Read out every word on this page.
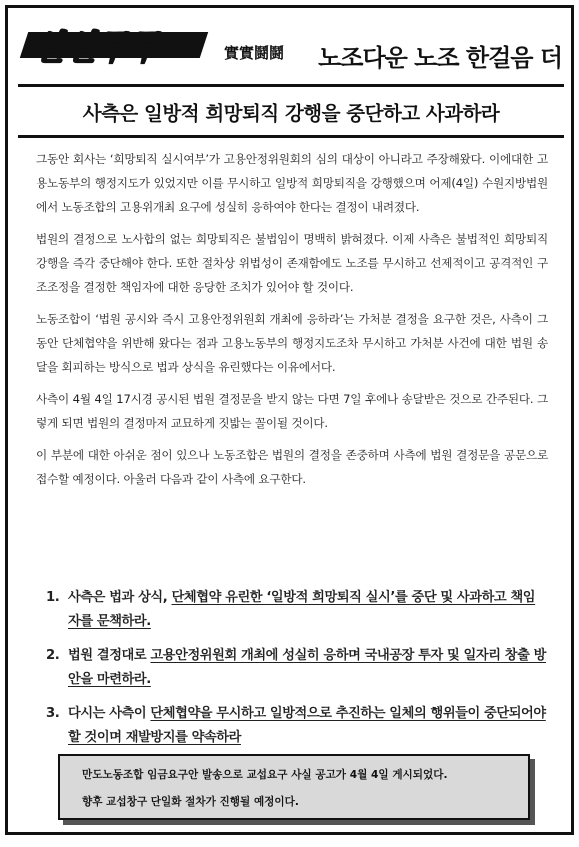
실실투투	實實鬪鬪 노조다운 노조 한걸음 더
사측은 일방적 희망퇴직 강행을 중단하고 사과하라

그동안 회사는 ‘희망퇴직 실시여부’가 고용안정위원회의 심의 대상이 아니라고 주장해왔다. 이에대한 고용노동부의 행정지도가 있었지만 이를 무시하고 일방적 희망퇴직을 강행했으며 어제(4일) 수원지방법원에서 노동조합의 고용위개최 요구에 성실히 응하여야 한다는 결정이 내려졌다.

법원의 결정으로 노사합의 없는 희망퇴직은 불법임이 명백히 밝혀졌다. 이제 사측은 불법적인 희망퇴직 강행을 즉각 중단해야 한다. 또한 절차상 위법성이 존재함에도 노조를 무시하고 선제적이고 공격적인 구조조정을 결정한 책임자에 대한 응당한 조치가 있어야 할 것이다.

노동조합이 ‘법원 공시와 즉시 고용안정위원회 개최에 응하라’는 가처분 결정을 요구한 것은, 사측이 그동안 단체협약을 위반해 왔다는 점과 고용노동부의 행정지도조차 무시하고 가처분 사건에 대한 법원 송달을 회피하는 방식으로 법과 상식을 유린했다는 이유에서다.

사측이 4월 4일 17시경 공시된 법원 결정문을 받지 않는 다면 7일 후에나 송달받은 것으로 간주된다. 그렇게 되면 법원의 결정마저 교묘하게 짓밟는 꼴이될 것이다.

이 부분에 대한 아쉬운 점이 있으나 노동조합은 법원의 결정을 존중하며 사측에 법원 결정문을 공문으로 접수할 예정이다. 아울러 다음과 같이 사측에 요구한다.

1. 사측은 법과 상식, 단체협약 유린한 ‘일방적 희망퇴직 실시’를 중단 및 사과하고 책임자를 문책하라.
2. 법원 결정대로 고용안정위원회 개최에 성실히 응하며 국내공장 투자 및 일자리 창출 방안을 마련하라.
3. 다시는 사측이 단체협약을 무시하고 일방적으로 추진하는 일체의 행위들이 중단되어야 할 것이며 재발방지를 약속하라
만도노동조합 임금요구안 발송으로 교섭요구 사실 공고가 4월 4일 게시되었다.
향후 교섭창구 단일화 절차가 진행될 예정이다.
